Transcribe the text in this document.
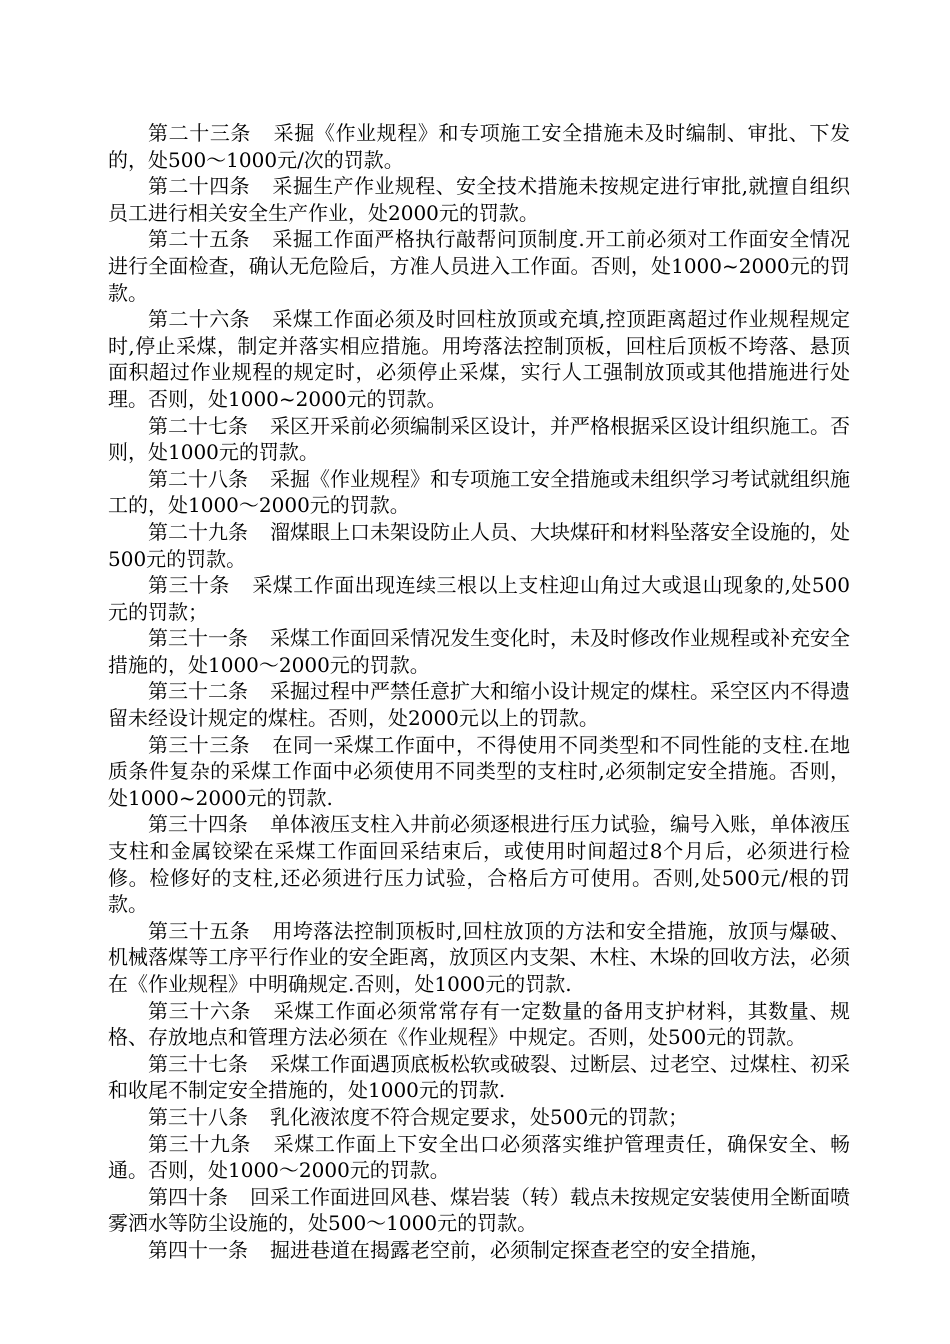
第二十三条 采掘《作业规程》和专项施工安全措施未及时编制、审批、下发的，处500～1000元/次的罚款。

第二十四条 采掘生产作业规程、安全技术措施未按规定进行审批,就擅自组织员工进行相关安全生产作业，处2000元的罚款。

第二十五条 采掘工作面严格执行敲帮问顶制度.开工前必须对工作面安全情况进行全面检查，确认无危险后，方准人员进入工作面。否则，处1000~2000元的罚款。

第二十六条 采煤工作面必须及时回柱放顶或充填,控顶距离超过作业规程规定时,停止采煤，制定并落实相应措施。用垮落法控制顶板，回柱后顶板不垮落、悬顶面积超过作业规程的规定时，必须停止采煤，实行人工强制放顶或其他措施进行处理。否则，处1000~2000元的罚款。

第二十七条 采区开采前必须编制采区设计，并严格根据采区设计组织施工。否则，处1000元的罚款。

第二十八条 采掘《作业规程》和专项施工安全措施或未组织学习考试就组织施工的，处1000～2000元的罚款。

第二十九条 溜煤眼上口未架设防止人员、大块煤矸和材料坠落安全设施的，处500元的罚款。

第三十条 采煤工作面出现连续三根以上支柱迎山角过大或退山现象的,处500元的罚款；

第三十一条 采煤工作面回采情况发生变化时，未及时修改作业规程或补充安全措施的，处1000～2000元的罚款。

第三十二条 采掘过程中严禁任意扩大和缩小设计规定的煤柱。采空区内不得遗留未经设计规定的煤柱。否则，处2000元以上的罚款。

第三十三条 在同一采煤工作面中，不得使用不同类型和不同性能的支柱.在地质条件复杂的采煤工作面中必须使用不同类型的支柱时,必须制定安全措施。否则，处1000~2000元的罚款.

第三十四条 单体液压支柱入井前必须逐根进行压力试验，编号入账，单体液压支柱和金属铰梁在采煤工作面回采结束后，或使用时间超过8个月后，必须进行检修。检修好的支柱,还必须进行压力试验，合格后方可使用。否则,处500元/根的罚款。

第三十五条 用垮落法控制顶板时,回柱放顶的方法和安全措施，放顶与爆破、机械落煤等工序平行作业的安全距离，放顶区内支架、木柱、木垛的回收方法，必须在《作业规程》中明确规定.否则，处1000元的罚款.

第三十六条 采煤工作面必须常常存有一定数量的备用支护材料，其数量、规格、存放地点和管理方法必须在《作业规程》中规定。否则，处500元的罚款。

第三十七条 采煤工作面遇顶底板松软或破裂、过断层、过老空、过煤柱、初采和收尾不制定安全措施的，处1000元的罚款.

第三十八条 乳化液浓度不符合规定要求，处500元的罚款；

第三十九条 采煤工作面上下安全出口必须落实维护管理责任，确保安全、畅通。否则，处1000～2000元的罚款。

第四十条 回采工作面进回风巷、煤岩装（转）载点未按规定安装使用全断面喷雾洒水等防尘设施的，处500～1000元的罚款。

第四十一条 掘进巷道在揭露老空前，必须制定探查老空的安全措施，
